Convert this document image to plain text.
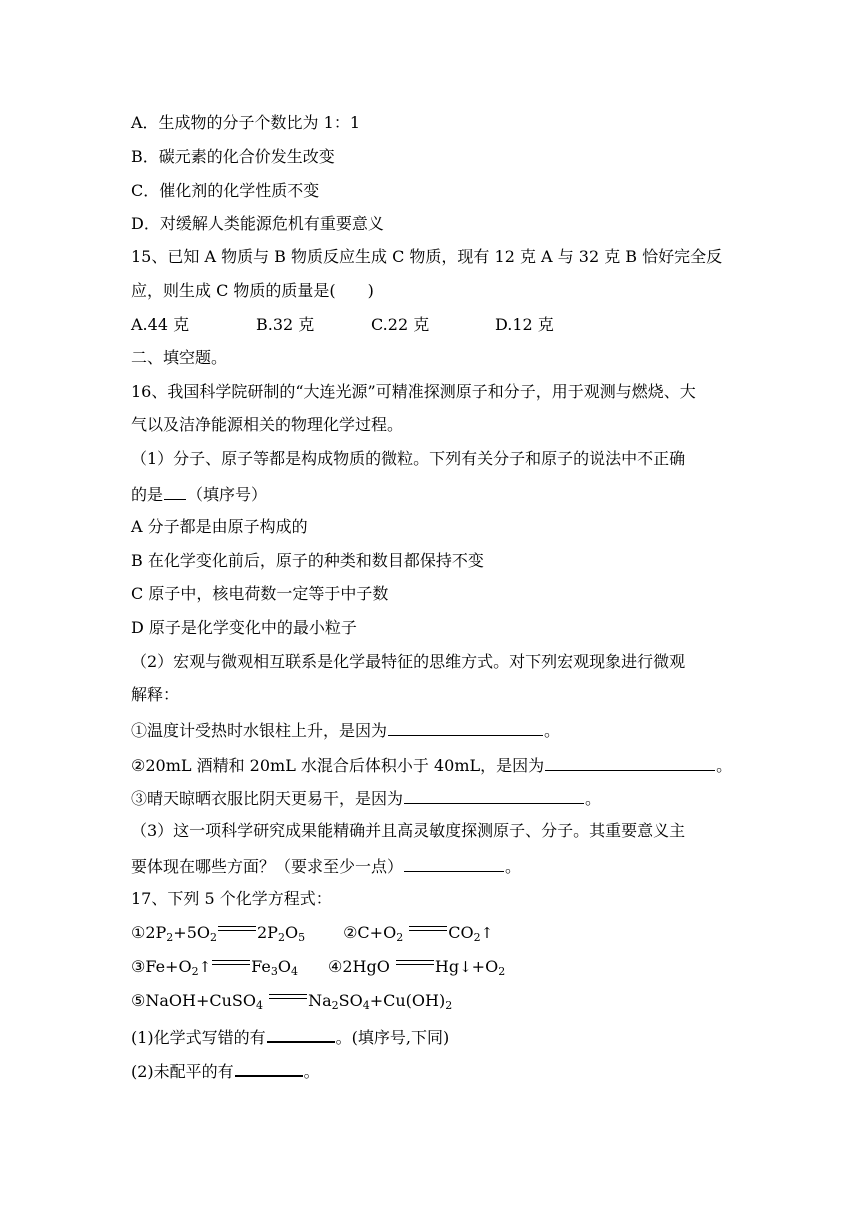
A．生成物的分子个数比为 1：1
B．碳元素的化合价发生改变
C．催化剂的化学性质不变
D．对缓解人类能源危机有重要意义
15、已知 A 物质与 B 物质反应生成 C 物质，现有 12 克 A 与 32 克 B 恰好完全反
应，则生成 C 物质的质量是(　　)
A.44 克	B.32 克	C.22 克	D.12 克
二、填空题。
16、我国科学院研制的“大连光源”可精准探测原子和分子，用于观测与燃烧、大
气以及洁净能源相关的物理化学过程。
（1）分子、原子等都是构成物质的微粒。下列有关分子和原子的说法中不正确
的是 （填序号）
A 分子都是由原子构成的
B 在化学变化前后，原子的种类和数目都保持不变
C 原子中，核电荷数一定等于中子数
D 原子是化学变化中的最小粒子
（2）宏观与微观相互联系是化学最特征的思维方式。对下列宏观现象进行微观
解释：
①温度计受热时水银柱上升，是因为	。
②20mL 酒精和 20mL 水混合后体积小于 40mL，是因为	。
③晴天晾晒衣服比阴天更易干，是因为	。
（3）这一项科学研究成果能精确并且高灵敏度探测原子、分子。其重要意义主
要体现在哪些方面？（要求至少一点）	。
17、下列 5 个化学方程式：
$①2P_2+5O_2$	$2P_2O_5$ $②C+O_2$	$CO_2↑$
$③Fe+O_2↑$	$Fe_3O_4$ ④2HgO	$Hg↓+O_2$
⑤NaOH+CuSO$_4$	$Na_2SO_4+Cu(OH)_2$
(1)化学式写错的有	。(填序号,下同)
(2)未配平的有	。
